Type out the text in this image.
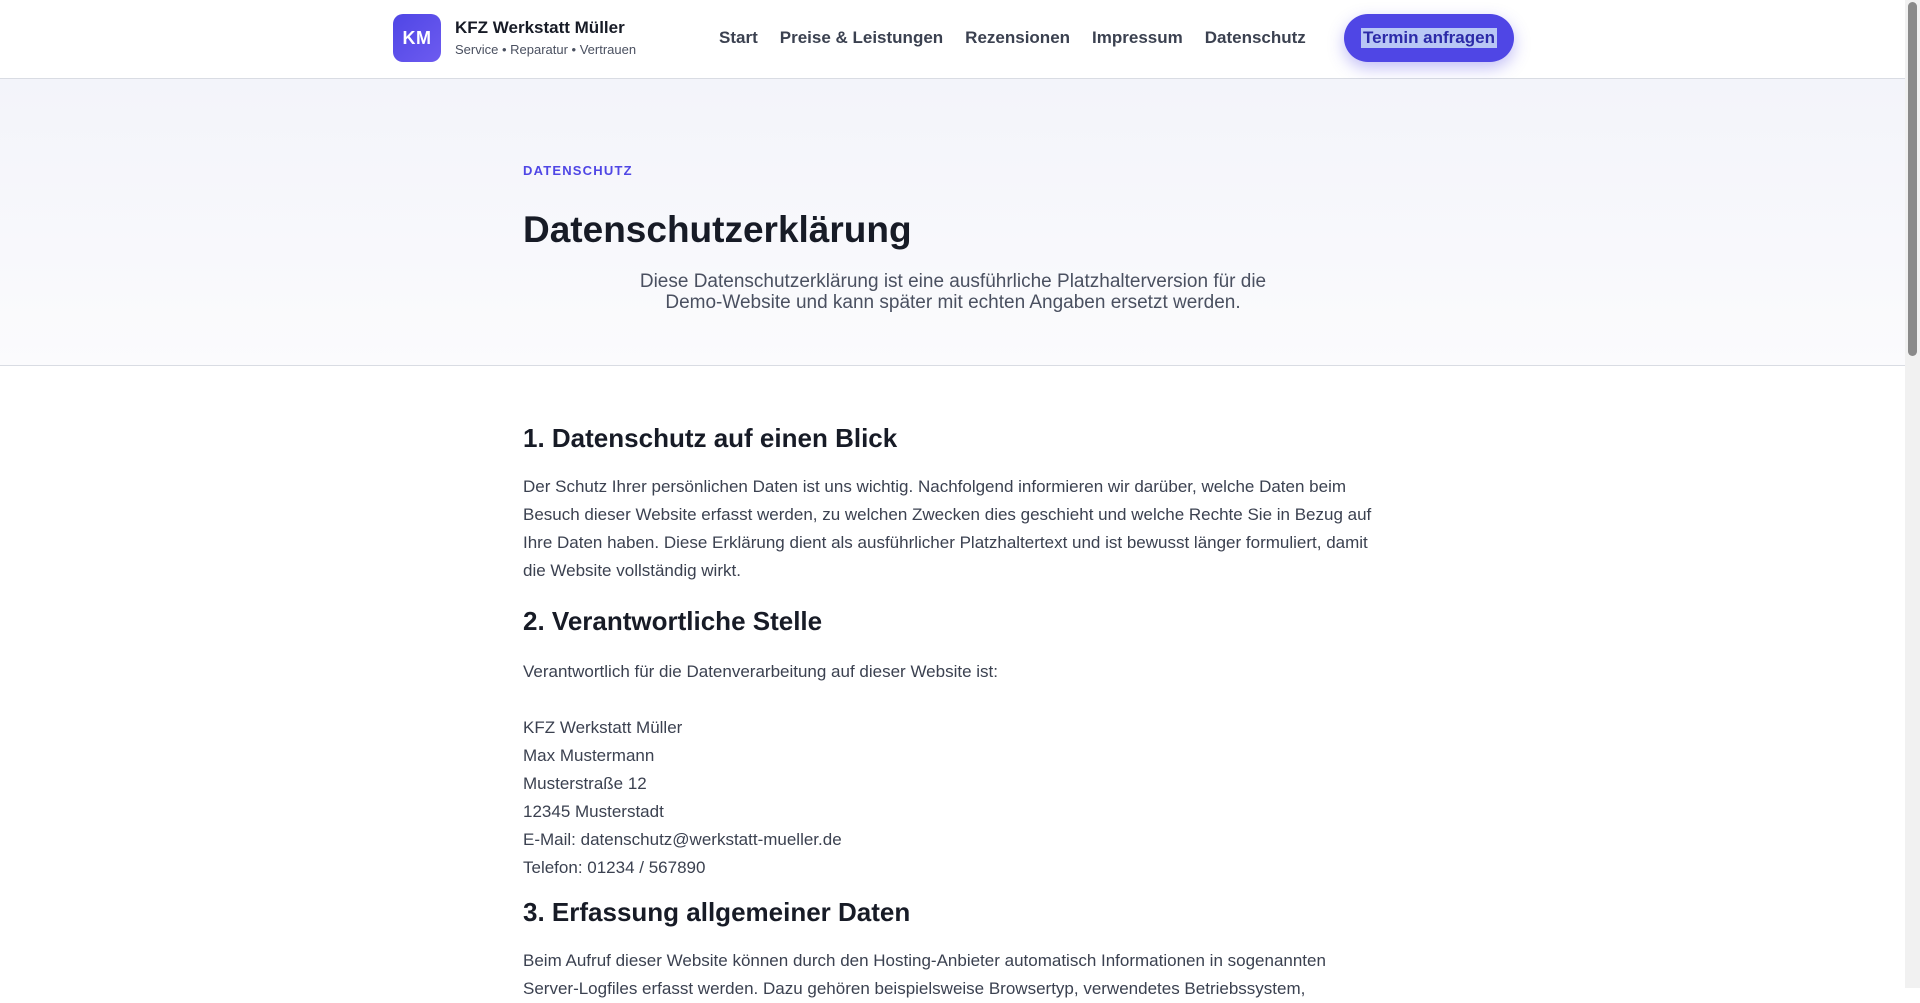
KM	KFZ Werkstatt Müller
Service • Reparatur • Vertrauen
Start Preise & Leistungen Rezensionen Impressum Datenschutz	Termin anfragen
DATENSCHUTZ
Datenschutzerklärung
Diese Datenschutzerklärung ist eine ausführliche Platzhalterversion für die
Demo-Website und kann später mit echten Angaben ersetzt werden.
1. Datenschutz auf einen Blick

Der Schutz Ihrer persönlichen Daten ist uns wichtig. Nachfolgend informieren wir darüber, welche Daten beim

Besuch dieser Website erfasst werden, zu welchen Zwecken dies geschieht und welche Rechte Sie in Bezug auf

Ihre Daten haben. Diese Erklärung dient als ausführlicher Platzhaltertext und ist bewusst länger formuliert, damit

die Website vollständig wirkt.

2. Verantwortliche Stelle

Verantwortlich für die Datenverarbeitung auf dieser Website ist:

KFZ Werkstatt Müller
Max Mustermann
Musterstraße 12
12345 Musterstadt
E-Mail: datenschutz@werkstatt-mueller.de
Telefon: 01234 / 567890
3. Erfassung allgemeiner Daten

Beim Aufruf dieser Website können durch den Hosting-Anbieter automatisch Informationen in sogenannten

Server-Logfiles erfasst werden. Dazu gehören beispielsweise Browsertyp, verwendetes Betriebssystem,
